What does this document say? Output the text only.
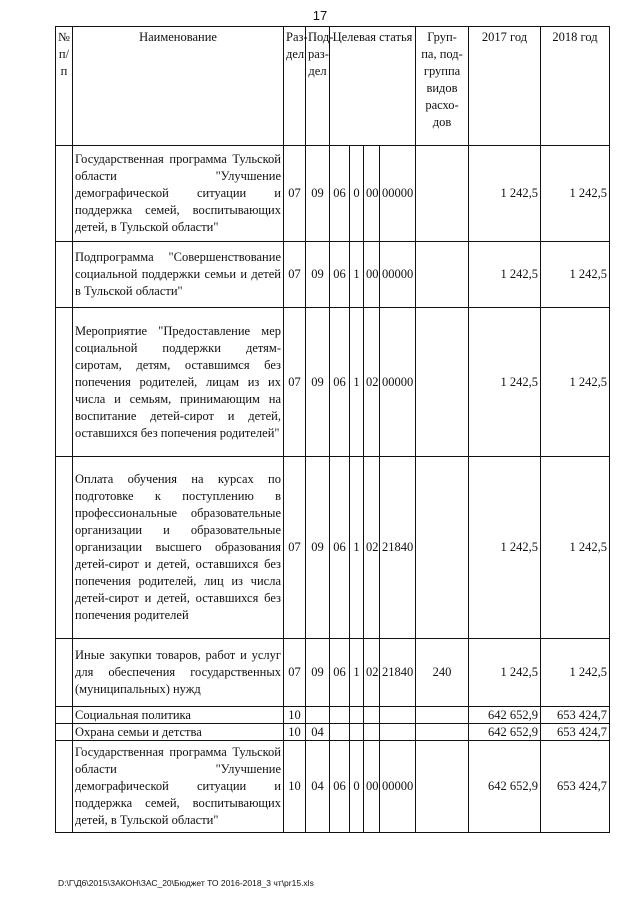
17
№ п/п	Наименование	Раз- дел	Под- раз- дел	Целевая статья				Груп- па, под- группа видов расхо- дов	2017 год	2018 год
	Государственная программа Тульской области "Улучшение демографической ситуации и поддержка семей, воспитывающих детей, в Тульской области"	07	09	06	0	00	00000		1 242,5	1 242,5
	Подпрограмма "Совершенствование социальной поддержки семьи и детей в Тульской области"	07	09	06	1	00	00000		1 242,5	1 242,5
	Мероприятие "Предоставление мер социальной поддержки детям-сиротам, детям, оставшимся без попечения родителей, лицам из их числа и семьям, принимающим на воспитание детей-сирот и детей, оставшихся без попечения родителей"	07	09	06	1	02	00000		1 242,5	1 242,5
	Оплата обучения на курсах по подготовке к поступлению в профессиональные образовательные организации и образовательные организации высшего образования детей-сирот и детей, оставшихся без попечения родителей, лиц из числа детей-сирот и детей, оставшихся без попечения родителей	07	09	06	1	02	21840		1 242,5	1 242,5
	Иные закупки товаров, работ и услуг для обеспечения государственных (муниципальных) нужд	07	09	06	1	02	21840	240	1 242,5	1 242,5
	Социальная политика	10							642 652,9	653 424,7
	Охрана семьи и детства	10	04						642 652,9	653 424,7
	Государственная программа Тульской области "Улучшение демографической ситуации и поддержка семей, воспитывающих детей, в Тульской области"	10	04	06	0	00	00000		642 652,9	653 424,7
D:\Г\Д6\2015\ЗАКОН\ЗАС_20\Бюджет ТО 2016-2018_3 чт\pr15.xls
